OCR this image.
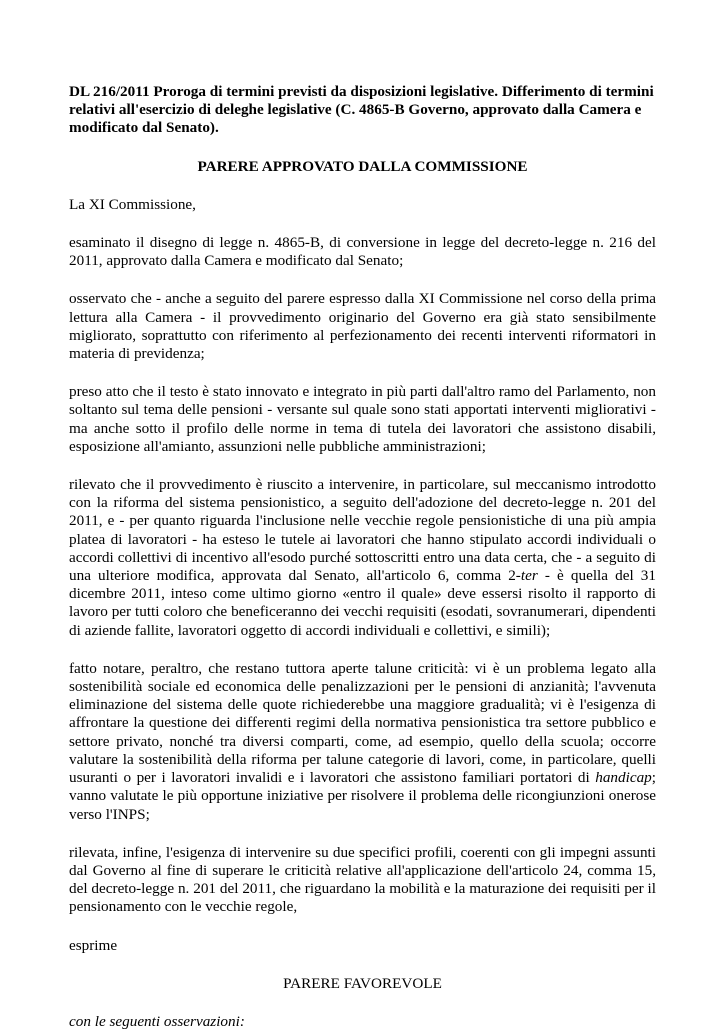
DL 216/2011 Proroga di termini previsti da disposizioni legislative. Differimento di termini relativi all'esercizio di deleghe legislative (C. 4865-B Governo, approvato dalla Camera e modificato dal Senato).

PARERE APPROVATO DALLA COMMISSIONE

La XI Commissione,

esaminato il disegno di legge n. 4865-B, di conversione in legge del decreto-legge n. 216 del 2011, approvato dalla Camera e modificato dal Senato;

osservato che - anche a seguito del parere espresso dalla XI Commissione nel corso della prima lettura alla Camera - il provvedimento originario del Governo era già stato sensibilmente migliorato, soprattutto con riferimento al perfezionamento dei recenti interventi riformatori in materia di previdenza;

preso atto che il testo è stato innovato e integrato in più parti dall'altro ramo del Parlamento, non soltanto sul tema delle pensioni - versante sul quale sono stati apportati interventi migliorativi - ma anche sotto il profilo delle norme in tema di tutela dei lavoratori che assistono disabili, esposizione all'amianto, assunzioni nelle pubbliche amministrazioni;

rilevato che il provvedimento è riuscito a intervenire, in particolare, sul meccanismo introdotto con la riforma del sistema pensionistico, a seguito dell'adozione del decreto-legge n. 201 del 2011, e - per quanto riguarda l'inclusione nelle vecchie regole pensionistiche di una più ampia platea di lavoratori - ha esteso le tutele ai lavoratori che hanno stipulato accordi individuali o accordi collettivi di incentivo all'esodo purché sottoscritti entro una data certa, che - a seguito di una ulteriore modifica, approvata dal Senato, all'articolo 6, comma 2-ter - è quella del 31 dicembre 2011, inteso come ultimo giorno «entro il quale» deve essersi risolto il rapporto di lavoro per tutti coloro che beneficeranno dei vecchi requisiti (esodati, sovranumerari, dipendenti di aziende fallite, lavoratori oggetto di accordi individuali e collettivi, e simili);

fatto notare, peraltro, che restano tuttora aperte talune criticità: vi è un problema legato alla sostenibilità sociale ed economica delle penalizzazioni per le pensioni di anzianità; l'avvenuta eliminazione del sistema delle quote richiederebbe una maggiore gradualità; vi è l'esigenza di affrontare la questione dei differenti regimi della normativa pensionistica tra settore pubblico e settore privato, nonché tra diversi comparti, come, ad esempio, quello della scuola; occorre valutare la sostenibilità della riforma per talune categorie di lavori, come, in particolare, quelli usuranti o per i lavoratori invalidi e i lavoratori che assistono familiari portatori di handicap; vanno valutate le più opportune iniziative per risolvere il problema delle ricongiunzioni onerose verso l'INPS;

rilevata, infine, l'esigenza di intervenire su due specifici profili, coerenti con gli impegni assunti dal Governo al fine di superare le criticità relative all'applicazione dell'articolo 24, comma 15, del decreto-legge n. 201 del 2011, che riguardano la mobilità e la maturazione dei requisiti per il pensionamento con le vecchie regole,

esprime

PARERE FAVOREVOLE

con le seguenti osservazioni:
